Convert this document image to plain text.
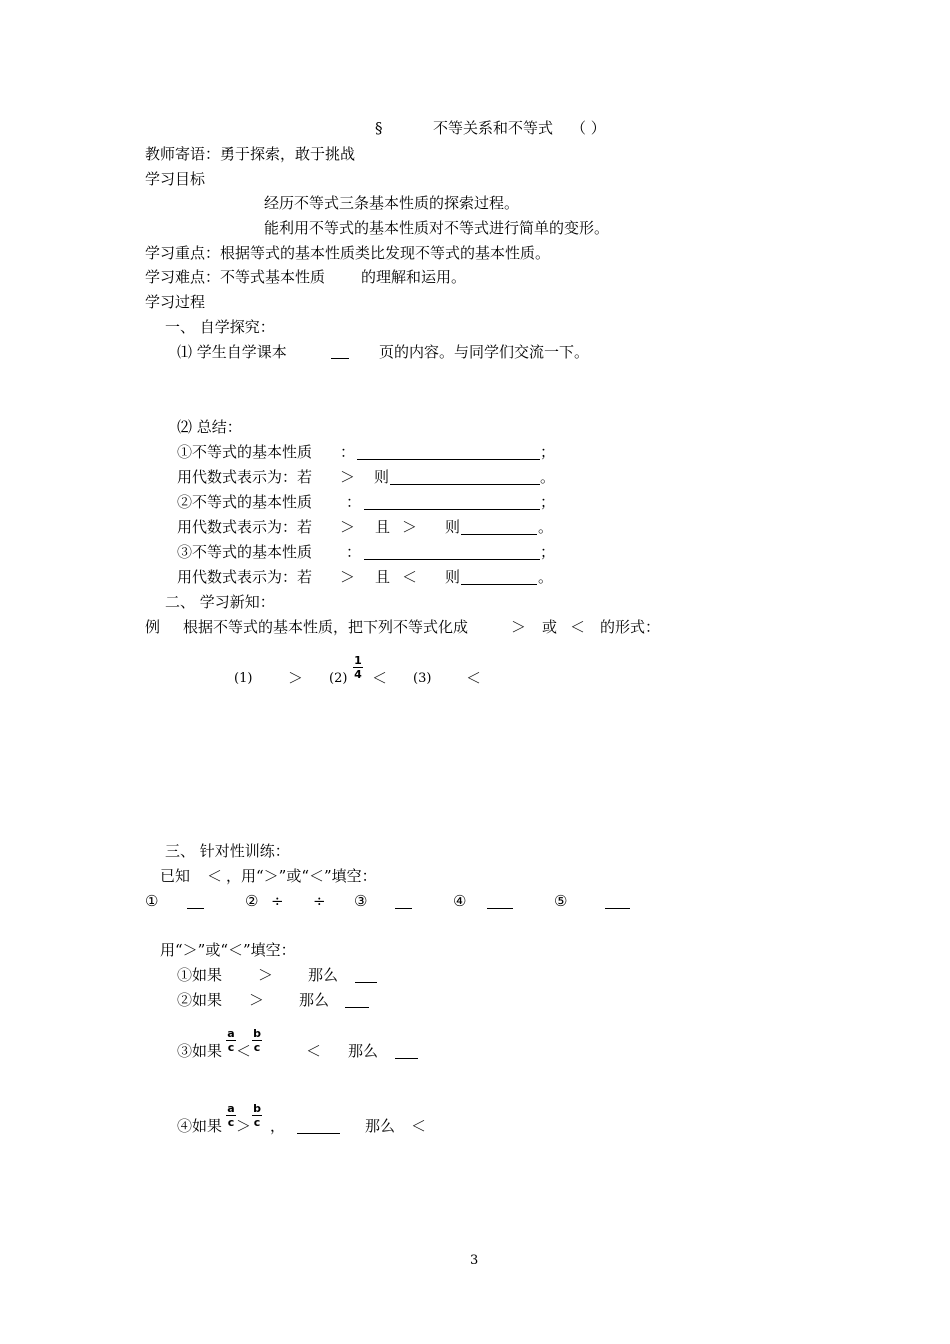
§	不等关系和不等式 （ ）
教师寄语：勇于探索，敢于挑战
学习目标
经历不等式三条基本性质的探索过程。
能利用不等式的基本性质对不等式进行简单的变形。
学习重点：根据等式的基本性质类比发现不等式的基本性质。
学习难点：不等式基本性质 的理解和运用。
学习过程
一、 自学探究：
⑴ 学生自学课本	页的内容。与同学们交流一下。
⑵ 总结：
①不等式的基本性质 ：	；
用代数式表示为：若 ＞ 则	。
②不等式的基本性质 ：	；
用代数式表示为：若 ＞ 且 ＞ 则	。
③不等式的基本性质 ：	；
用代数式表示为：若 ＞ 且 ＜ 则	。
二、 学习新知：
例 根据不等式的基本性质，把下列不等式化成	＞ 或 ＜ 的形式：
(1) ＞ (2)
1
4 ＜ (3) ＜
三、 针对性训练：
已知 ＜ ，用“＞”或“＜”填空：
①	② ÷ ÷ ③	④	⑤
用“＞”或“＜”填空：
①如果 ＞ 那么
②如果 ＞ 那么
③如果
a
c ＜
b
c	＜ 那么
④如果
a
c ＞
b
c ，	那么 ＜
3
